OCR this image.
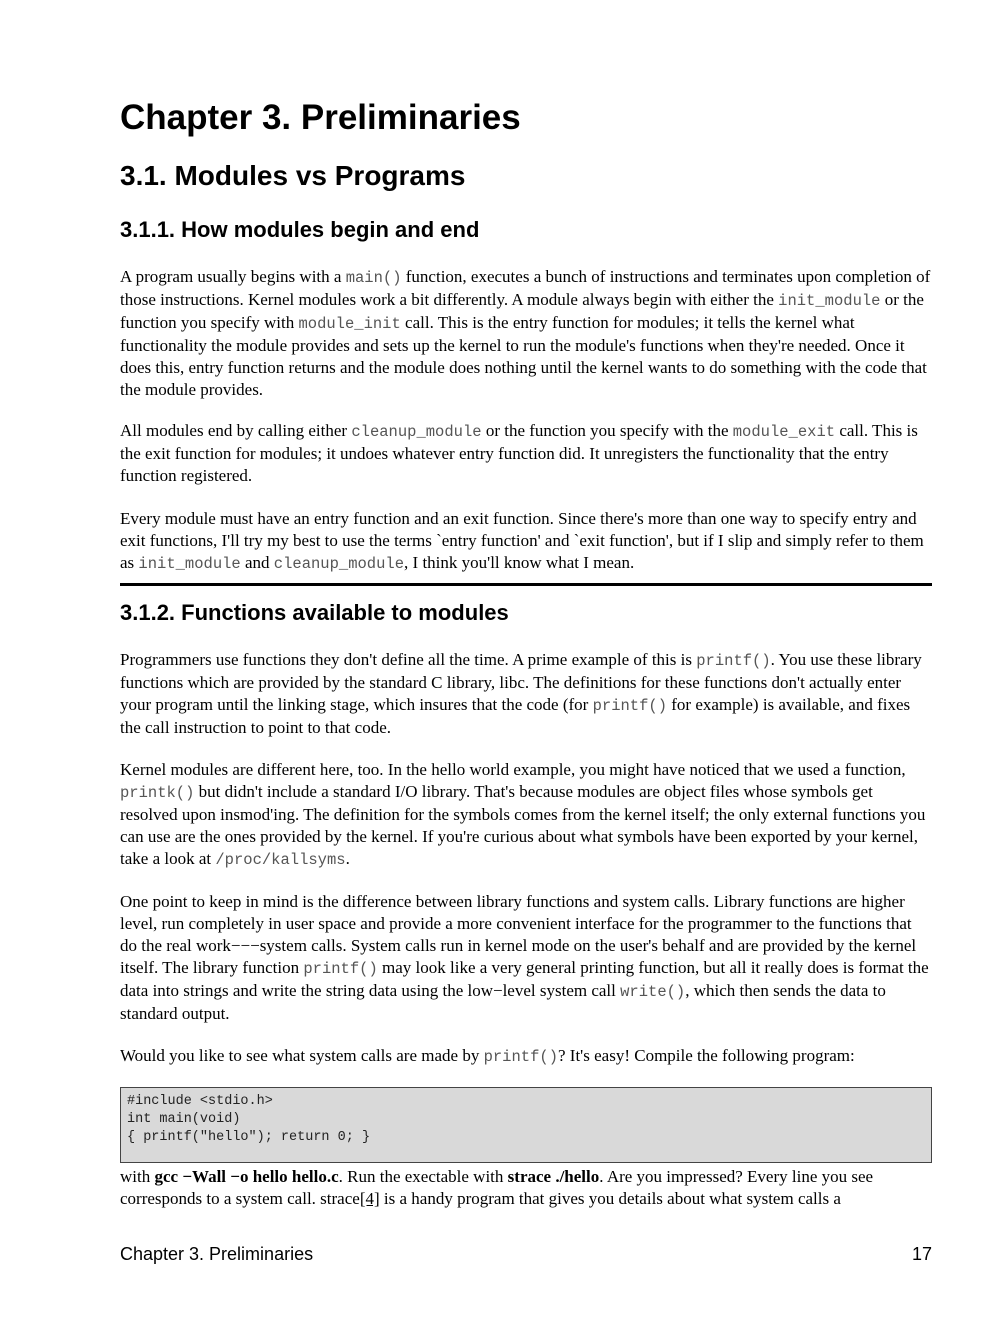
Chapter 3. Preliminaries
3.1. Modules vs Programs
3.1.1. How modules begin and end

A program usually begins with a main() function, executes a bunch of instructions and terminates upon completion of those instructions. Kernel modules work a bit differently. A module always begin with either the init_module or the function you specify with module_init call. This is the entry function for modules; it tells the kernel what functionality the module provides and sets up the kernel to run the module's functions when they're needed. Once it does this, entry function returns and the module does nothing until the kernel wants to do something with the code that the module provides.

All modules end by calling either cleanup_module or the function you specify with the module_exit call. This is the exit function for modules; it undoes whatever entry function did. It unregisters the functionality that the entry function registered.

Every module must have an entry function and an exit function. Since there's more than one way to specify entry and exit functions, I'll try my best to use the terms `entry function' and `exit function', but if I slip and simply refer to them as init_module and cleanup_module, I think you'll know what I mean.

3.1.2. Functions available to modules

Programmers use functions they don't define all the time. A prime example of this is printf(). You use these library functions which are provided by the standard C library, libc. The definitions for these functions don't actually enter your program until the linking stage, which insures that the code (for printf() for example) is available, and fixes the call instruction to point to that code.

Kernel modules are different here, too. In the hello world example, you might have noticed that we used a function, printk() but didn't include a standard I/O library. That's because modules are object files whose symbols get resolved upon insmod'ing. The definition for the symbols comes from the kernel itself; the only external functions you can use are the ones provided by the kernel. If you're curious about what symbols have been exported by your kernel, take a look at /proc/kallsyms.

One point to keep in mind is the difference between library functions and system calls. Library functions are higher level, run completely in user space and provide a more convenient interface for the programmer to the functions that do the real work−−−system calls. System calls run in kernel mode on the user's behalf and are provided by the kernel itself. The library function printf() may look like a very general printing function, but all it really does is format the data into strings and write the string data using the low−level system call write(), which then sends the data to standard output.

Would you like to see what system calls are made by printf()? It's easy! Compile the following program:

#include <stdio.h>
int main(void)
{ printf("hello"); return 0; }

with gcc −Wall −o hello hello.c. Run the exectable with strace ./hello. Are you impressed? Every line you see corresponds to a system call. strace[4] is a handy program that gives you details about what system calls a

Chapter 3. Preliminaries	17
